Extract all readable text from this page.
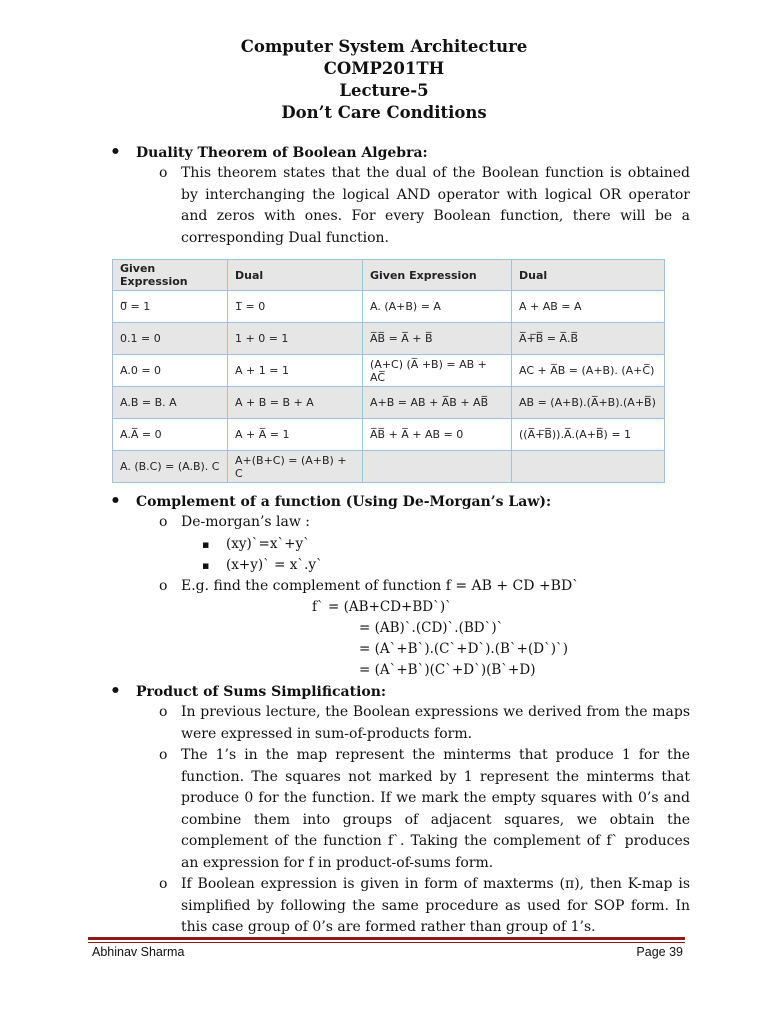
Computer System Architecture
COMP201TH
Lecture-5
Don’t Care Conditions
• Duality Theorem of Boolean Algebra:
o This theorem states that the dual of the Boolean function is obtained by interchanging the logical AND operator with logical OR operator and zeros with ones. For every Boolean function, there will be a corresponding Dual function.
Given Expression	Dual	Given Expression	Dual
0̅ = 1	1̅ = 0	A. (A+B) = A	A + AB = A
0.1 = 0	1 + 0 = 1	A̅B̅ = A̅ + B̅	A̅+̅B̅ = A̅.B̅
A.0 = 0	A + 1 = 1	(A+C) (A̅ +B) = AB + AC̅	AC + A̅B = (A+B). (A+C̅)
A.B = B. A	A + B = B + A	A+B = AB + A̅B + AB̅	AB = (A+B).(A̅+B).(A+B̅)
A.A̅ = 0	A + A̅ = 1	A̅B̅ + A̅ + AB = 0	((A̅+̅B̅)).A̅.(A+B̅) = 1
A. (B.C) = (A.B). C	A+(B+C) = (A+B) + C		
• Complement of a function (Using De-Morgan’s Law):
o De-morgan’s law :
▪ (xy)`=x`+y`
▪ (x+y)` = x`.y`
o E.g. find the complement of function f = AB + CD +BD`
f` = (AB+CD+BD`)`
= (AB)`.(CD)`.(BD`)`
= (A`+B`).(C`+D`).(B`+(D`)`)
= (A`+B`)(C`+D`)(B`+D)
• Product of Sums Simplification:
o In previous lecture, the Boolean expressions we derived from the maps were expressed in sum-of-products form.
o The 1’s in the map represent the minterms that produce 1 for the function. The squares not marked by 1 represent the minterms that produce 0 for the function. If we mark the empty squares with 0’s and combine them into groups of adjacent squares, we obtain the complement of the function f`. Taking the complement of f` produces an expression for f in product-of-sums form.
o If Boolean expression is given in form of maxterms (π), then K-map is simplified by following the same procedure as used for SOP form. In this case group of 0’s are formed rather than group of 1’s.
Abhinav Sharma	Page 39
